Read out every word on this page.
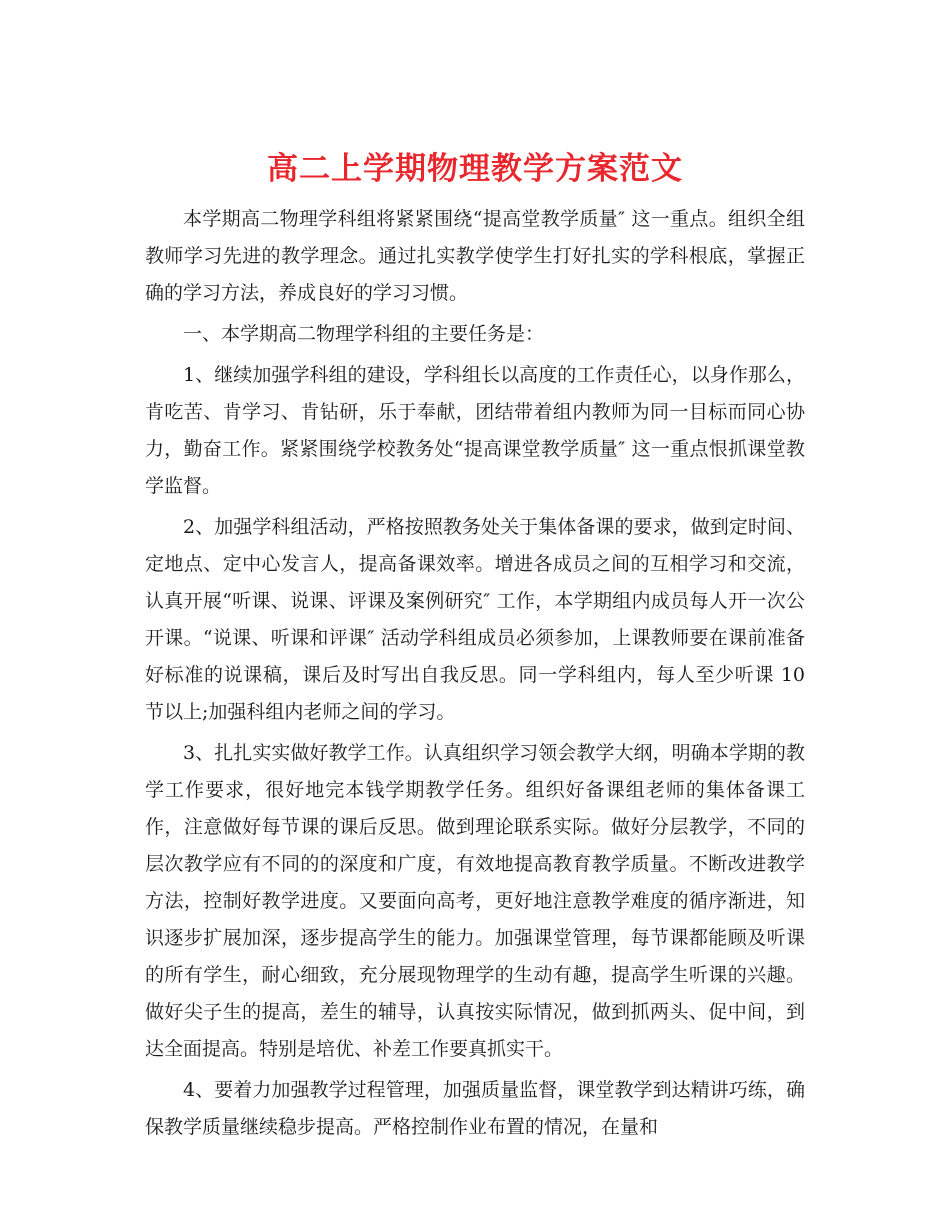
高二上学期物理教学方案范文

本学期高二物理学科组将紧紧围绕“提高堂教学质量″ 这一重点。组织全组教师学习先进的教学理念。通过扎实教学使学生打好扎实的学科根底，掌握正确的学习方法，养成良好的学习习惯。

一、本学期高二物理学科组的主要任务是：

1、继续加强学科组的建设，学科组长以高度的工作责任心，以身作那么，肯吃苦、肯学习、肯钻研，乐于奉献，团结带着组内教师为同一目标而同心协力，勤奋工作。紧紧围绕学校教务处“提高课堂教学质量″ 这一重点恨抓课堂教学监督。

2、加强学科组活动，严格按照教务处关于集体备课的要求，做到定时间、定地点、定中心发言人，提高备课效率。增进各成员之间的互相学习和交流，认真开展“听课、说课、评课及案例研究″ 工作，本学期组内成员每人开一次公开课。“说课、听课和评课″ 活动学科组成员必须参加，上课教师要在课前准备好标准的说课稿，课后及时写出自我反思。同一学科组内，每人至少听课 10 节以上;加强科组内老师之间的学习。

3、扎扎实实做好教学工作。认真组织学习领会教学大纲，明确本学期的教学工作要求，很好地完本钱学期教学任务。组织好备课组老师的集体备课工作，注意做好每节课的课后反思。做到理论联系实际。做好分层教学，不同的层次教学应有不同的的深度和广度，有效地提高教育教学质量。不断改进教学方法，控制好教学进度。又要面向高考，更好地注意教学难度的循序渐进，知识逐步扩展加深，逐步提高学生的能力。加强课堂管理，每节课都能顾及听课的所有学生，耐心细致，充分展现物理学的生动有趣，提高学生听课的兴趣。做好尖子生的提高，差生的辅导，认真按实际情况，做到抓两头、促中间，到达全面提高。特别是培优、补差工作要真抓实干。

4、要着力加强教学过程管理，加强质量监督，课堂教学到达精讲巧练，确保教学质量继续稳步提高。严格控制作业布置的情况，在量和
